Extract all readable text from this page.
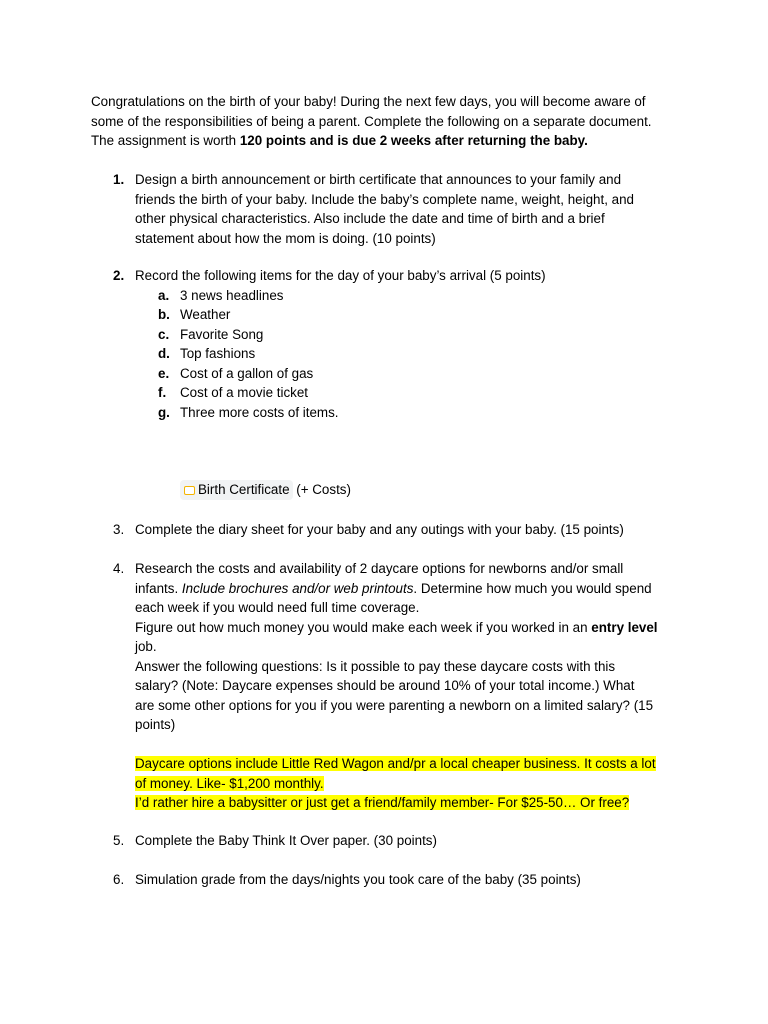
Congratulations on the birth of your baby! During the next few days, you will become aware of

some of the responsibilities of being a parent. Complete the following on a separate document.

The assignment is worth 120 points and is due 2 weeks after returning the baby.

1. Design a birth announcement or birth certificate that announces to your family and

friends the birth of your baby. Include the baby’s complete name, weight, height, and

other physical characteristics. Also include the date and time of birth and a brief

statement about how the mom is doing. (10 points)

2. Record the following items for the day of your baby’s arrival (5 points)

a. 3 news headlines
b. Weather
c. Favorite Song
d. Top fashions
e. Cost of a gallon of gas
f. Cost of a movie ticket
g. Three more costs of items.
Birth Certificate (+ Costs)
3. Complete the diary sheet for your baby and any outings with your baby. (15 points)

4. Research the costs and availability of 2 daycare options for newborns and/or small

infants. Include brochures and/or web printouts. Determine how much you would spend

each week if you would need full time coverage.

Figure out how much money you would make each week if you worked in an entry level

job.

Answer the following questions: Is it possible to pay these daycare costs with this

salary? (Note: Daycare expenses should be around 10% of your total income.) What

are some other options for you if you were parenting a newborn on a limited salary? (15

points)

Daycare options include Little Red Wagon and/pr a local cheaper business. It costs a lot

of money. Like- $1,200 monthly.

I’d rather hire a babysitter or just get a friend/family member- For $25-50… Or free?

5. Complete the Baby Think It Over paper. (30 points)

6. Simulation grade from the days/nights you took care of the baby (35 points)
